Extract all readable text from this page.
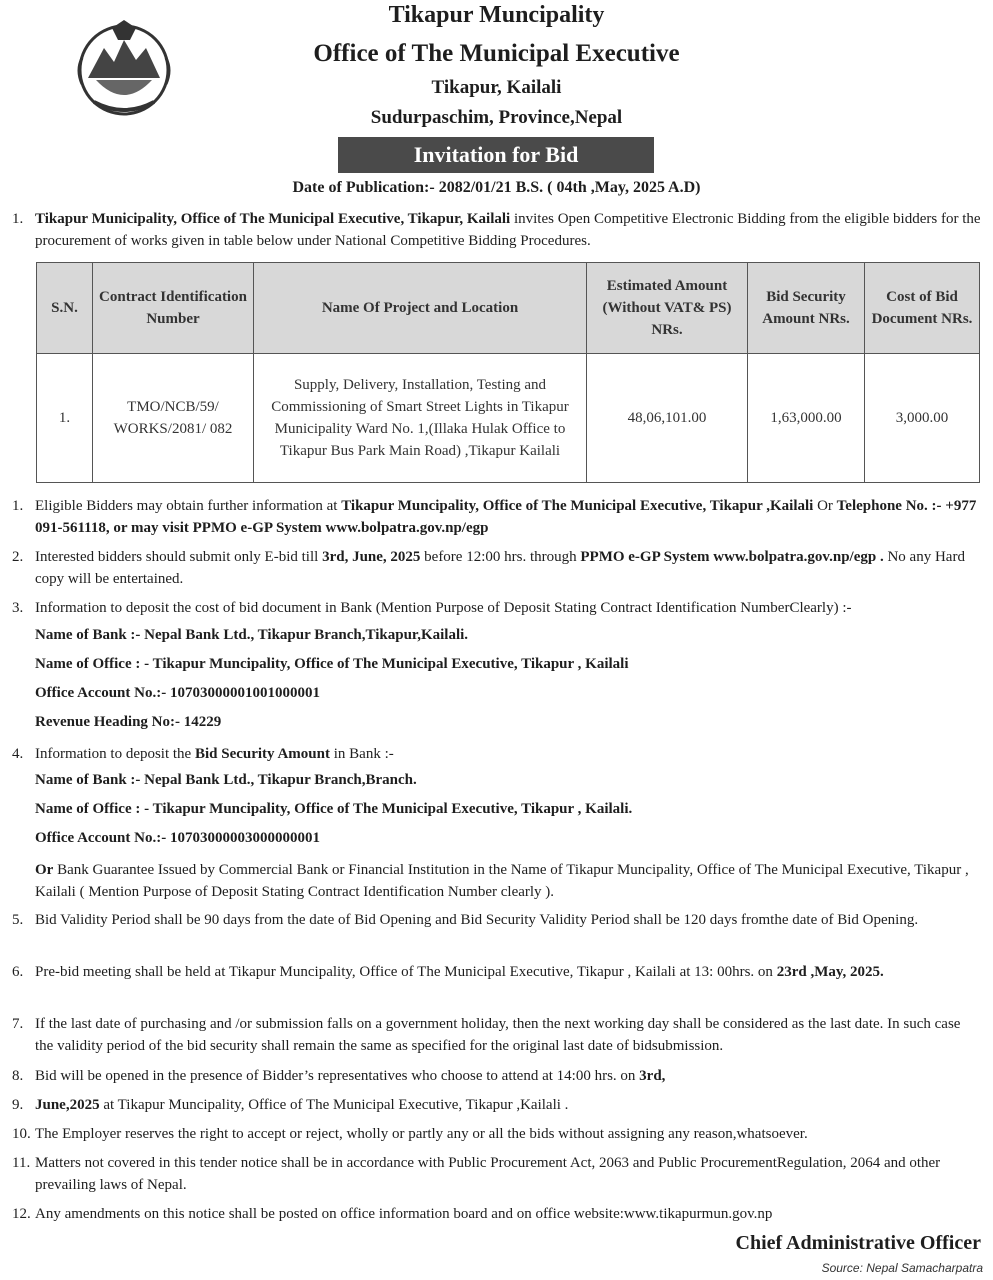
Tikapur Muncipality
Office of The Municipal Executive
Tikapur, Kailali
Sudurpaschim, Province,Nepal
Invitation for Bid
Date of Publication:- 2082/01/21 B.S. ( 04th ,May, 2025 A.D)
1. Tikapur Municipality, Office of The Municipal Executive, Tikapur, Kailali invites Open Competitive Electronic Bidding from the eligible bidders for the procurement of works given in table below under National Competitive Bidding Procedures.
S.N.	Contract Identification Number	Name Of Project and Location	Estimated Amount (Without VAT& PS) NRs.	Bid Security Amount NRs.	Cost of Bid Document NRs.
1.	TMO/NCB/59/ WORKS/2081/ 082	Supply, Delivery, Installation, Testing and Commissioning of Smart Street Lights in Tikapur Municipality Ward No. 1,(Illaka Hulak Office to Tikapur Bus Park Main Road) ,Tikapur Kailali	48,06,101.00	1,63,000.00	3,000.00
1. Eligible Bidders may obtain further information at Tikapur Muncipality, Office of The Municipal Executive, Tikapur ,Kailali Or Telephone No. :- +977 091-561118, or may visit PPMO e-GP System www.bolpatra.gov.np/egp
2. Interested bidders should submit only E-bid till 3rd, June, 2025 before 12:00 hrs. through PPMO e-GP System www.bolpatra.gov.np/egp . No any Hard copy will be entertained.
3. Information to deposit the cost of bid document in Bank (Mention Purpose of Deposit Stating Contract Identification NumberClearly) :-
Name of Bank :- Nepal Bank Ltd., Tikapur Branch,Tikapur,Kailali.
Name of Office : - Tikapur Muncipality, Office of The Municipal Executive, Tikapur , Kailali
Office Account No.:- 10703000001001000001
Revenue Heading No:- 14229
4. Information to deposit the Bid Security Amount in Bank :-
Name of Bank :- Nepal Bank Ltd., Tikapur Branch,Branch.
Name of Office : - Tikapur Muncipality, Office of The Municipal Executive, Tikapur , Kailali.
Office Account No.:- 10703000003000000001
Or Bank Guarantee Issued by Commercial Bank or Financial Institution in the Name of Tikapur Muncipality, Office of The Municipal Executive, Tikapur , Kailali ( Mention Purpose of Deposit Stating Contract Identification Number clearly ).
5. Bid Validity Period shall be 90 days from the date of Bid Opening and Bid Security Validity Period shall be 120 days fromthe date of Bid Opening.
6. Pre-bid meeting shall be held at Tikapur Muncipality, Office of The Municipal Executive, Tikapur , Kailali at 13: 00hrs. on 23rd ,May, 2025.
7. If the last date of purchasing and /or submission falls on a government holiday, then the next working day shall be considered as the last date. In such case the validity period of the bid security shall remain the same as specified for the original last date of bidsubmission.
8. Bid will be opened in the presence of Bidder’s representatives who choose to attend at 14:00 hrs. on 3rd,
9. June,2025 at Tikapur Muncipality, Office of The Municipal Executive, Tikapur ,Kailali .
10. The Employer reserves the right to accept or reject, wholly or partly any or all the bids without assigning any reason,whatsoever.
11. Matters not covered in this tender notice shall be in accordance with Public Procurement Act, 2063 and Public ProcurementRegulation, 2064 and other prevailing laws of Nepal.
12. Any amendments on this notice shall be posted on office information board and on office website:www.tikapurmun.gov.np
Chief Administrative Officer
Source: Nepal Samacharpatra
